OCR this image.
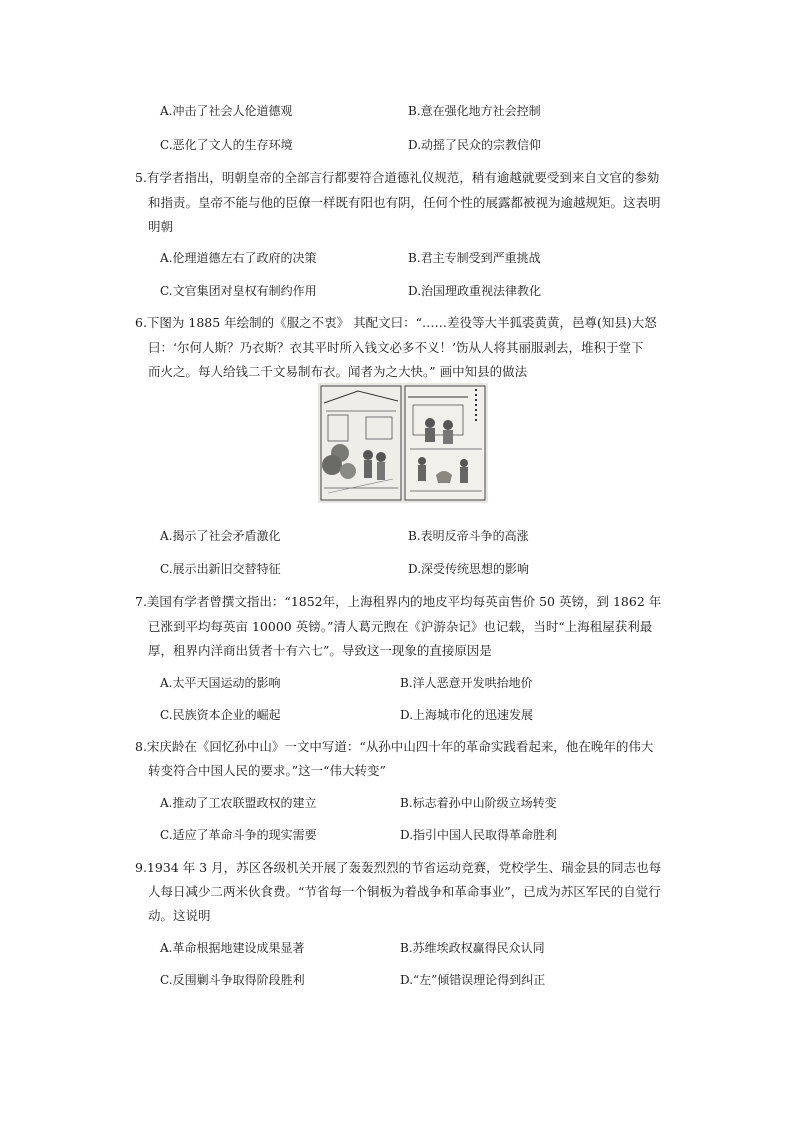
A.冲击了社会人伦道德观	B.意在强化地方社会控制
C.恶化了文人的生存环境	D.动摇了民众的宗教信仰
5.有学者指出，明朝皇帝的全部言行都要符合道德礼仪规范，稍有逾越就要受到来自文官的参劾
和指责。皇帝不能与他的臣僚一样既有阳也有阴，任何个性的展露都被视为逾越规矩。这表明
明朝
A.伦理道德左右了政府的决策	B.君主专制受到严重挑战
C.文官集团对皇权有制约作用	D.治国理政重视法律教化
6.下图为 1885 年绘制的《服之不衷》 其配文曰：“……差役等大半狐裘黄黄，邑尊(知县)大怒
曰：‘尔何人斯？乃衣斯？衣其平时所入钱文必多不义！’饬从人将其丽服剥去，堆积于堂下
而火之。每人给钱二千文易制布衣。闻者为之大快。” 画中知县的做法
A.揭示了社会矛盾激化	B.表明反帝斗争的高涨
C.展示出新旧交替特征	D.深受传统思想的影响
7.美国有学者曾撰文指出：“1852年，上海租界内的地皮平均每英亩售价 50 英镑，到 1862 年
已涨到平均每英亩 10000 英镑。”清人葛元煦在《沪游杂记》也记载，当时“上海租屋获利最
厚，租界内洋商出赁者十有六七”。导致这一现象的直接原因是
A.太平天国运动的影响	B.洋人恶意开发哄抬地价
C.民族资本企业的崛起	D.上海城市化的迅速发展
8.宋庆龄在《回忆孙中山》一文中写道：“从孙中山四十年的革命实践看起来，他在晚年的伟大
转变符合中国人民的要求。”这一“伟大转变”
A.推动了工农联盟政权的建立	B.标志着孙中山阶级立场转变
C.适应了革命斗争的现实需要	D.指引中国人民取得革命胜利
9.1934 年 3 月，苏区各级机关开展了轰轰烈烈的节省运动竞赛，党校学生、瑞金县的同志也每
人每日减少二两米伙食费。“节省每一个铜板为着战争和革命事业”，已成为苏区军民的自觉行
动。这说明
A.革命根据地建设成果显著	B.苏维埃政权赢得民众认同
C.反围剿斗争取得阶段胜利	D.“左”倾错误理论得到纠正
